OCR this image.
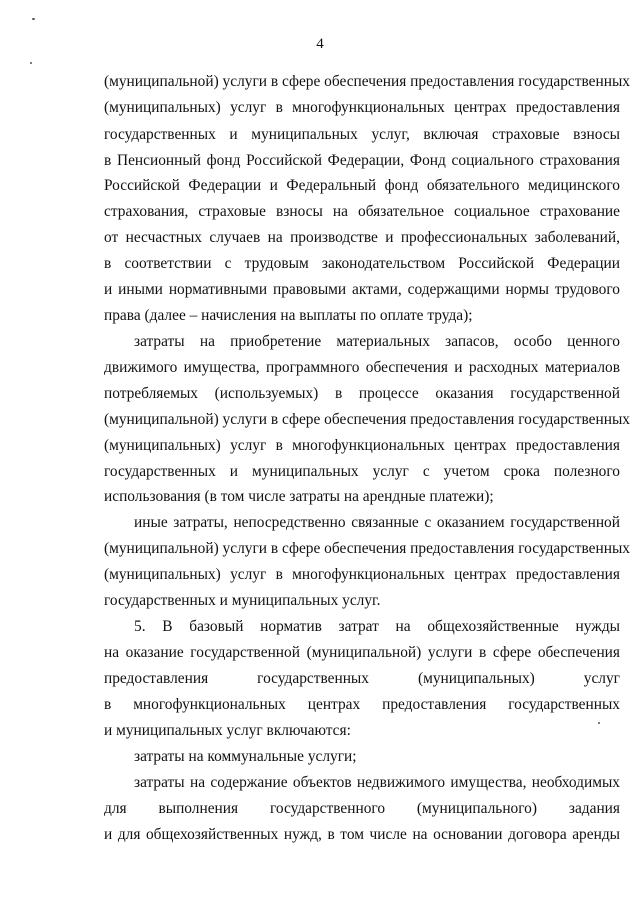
4
(муниципальной) услуги в сфере обеспечения предоставления государственных
(муниципальных) услуг в многофункциональных центрах предоставления
государственных и муниципальных услуг, включая страховые взносы
в Пенсионный фонд Российской Федерации, Фонд социального страхования
Российской Федерации и Федеральный фонд обязательного медицинского
страхования, страховые взносы на обязательное социальное страхование
от несчастных случаев на производстве и профессиональных заболеваний,
в соответствии с трудовым законодательством Российской Федерации
и иными нормативными правовыми актами, содержащими нормы трудового
права (далее – начисления на выплаты по оплате труда);
затраты на приобретение материальных запасов, особо ценного
движимого имущества, программного обеспечения и расходных материалов
потребляемых (используемых) в процессе оказания государственной
(муниципальной) услуги в сфере обеспечения предоставления государственных
(муниципальных) услуг в многофункциональных центрах предоставления
государственных и муниципальных услуг с учетом срока полезного
использования (в том числе затраты на арендные платежи);
иные затраты, непосредственно связанные с оказанием государственной
(муниципальной) услуги в сфере обеспечения предоставления государственных
(муниципальных) услуг в многофункциональных центрах предоставления
государственных и муниципальных услуг.
5. В базовый норматив затрат на общехозяйственные нужды
на оказание государственной (муниципальной) услуги в сфере обеспечения
предоставления государственных (муниципальных) услуг
в многофункциональных центрах предоставления государственных
и муниципальных услуг включаются:
затраты на коммунальные услуги;
затраты на содержание объектов недвижимого имущества, необходимых
для выполнения государственного (муниципального) задания
и для общехозяйственных нужд, в том числе на основании договора аренды
